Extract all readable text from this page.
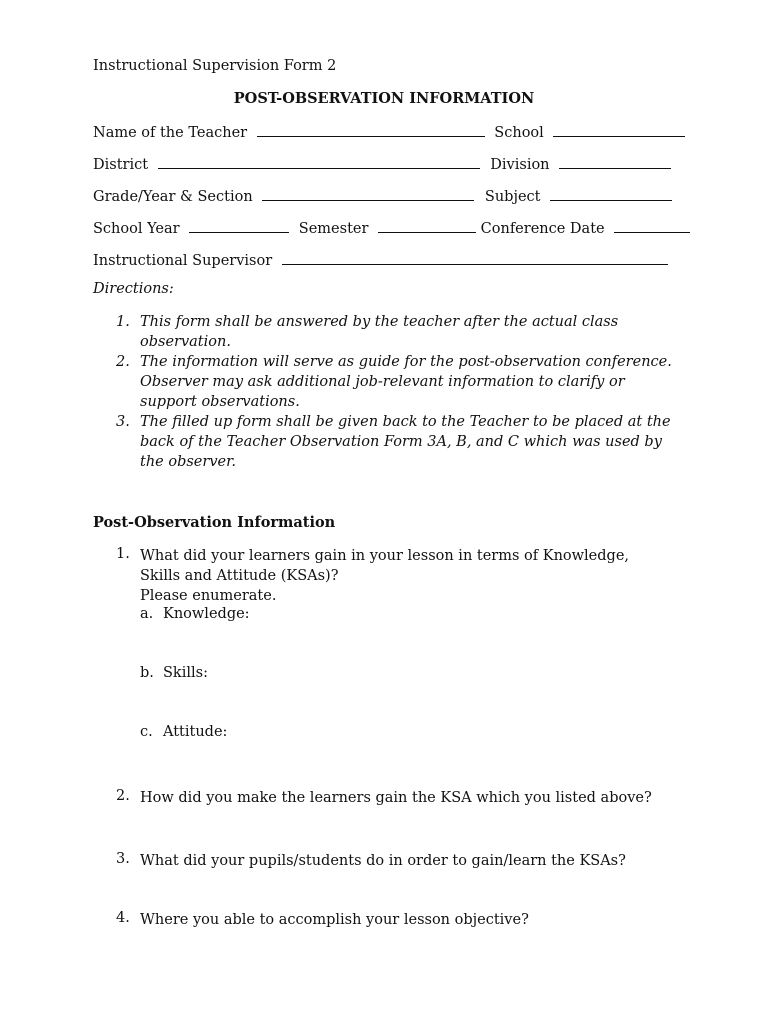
Instructional Supervision Form 2
POST-OBSERVATION INFORMATION
Name of the Teacher	School
District	Division
Grade/Year & Section	Subject
School Year	Semester	Conference Date
Instructional Supervisor
Directions:
1. This form shall be answered by the teacher after the actual class observation.
2. The information will serve as guide for the post-observation conference. Observer may ask additional job-relevant information to clarify or support observations.
3. The filled up form shall be given back to the Teacher to be placed at the back of the Teacher Observation Form 3A, B, and C which was used by the observer.
Post-Observation Information
1. What did your learners gain in your lesson in terms of Knowledge,
Skills and Attitude (KSAs)?
Please enumerate.
a. Knowledge:
b. Skills:
c. Attitude:
2. How did you make the learners gain the KSA which you listed above?
3. What did your pupils/students do in order to gain/learn the KSAs?
4. Where you able to accomplish your lesson objective?
